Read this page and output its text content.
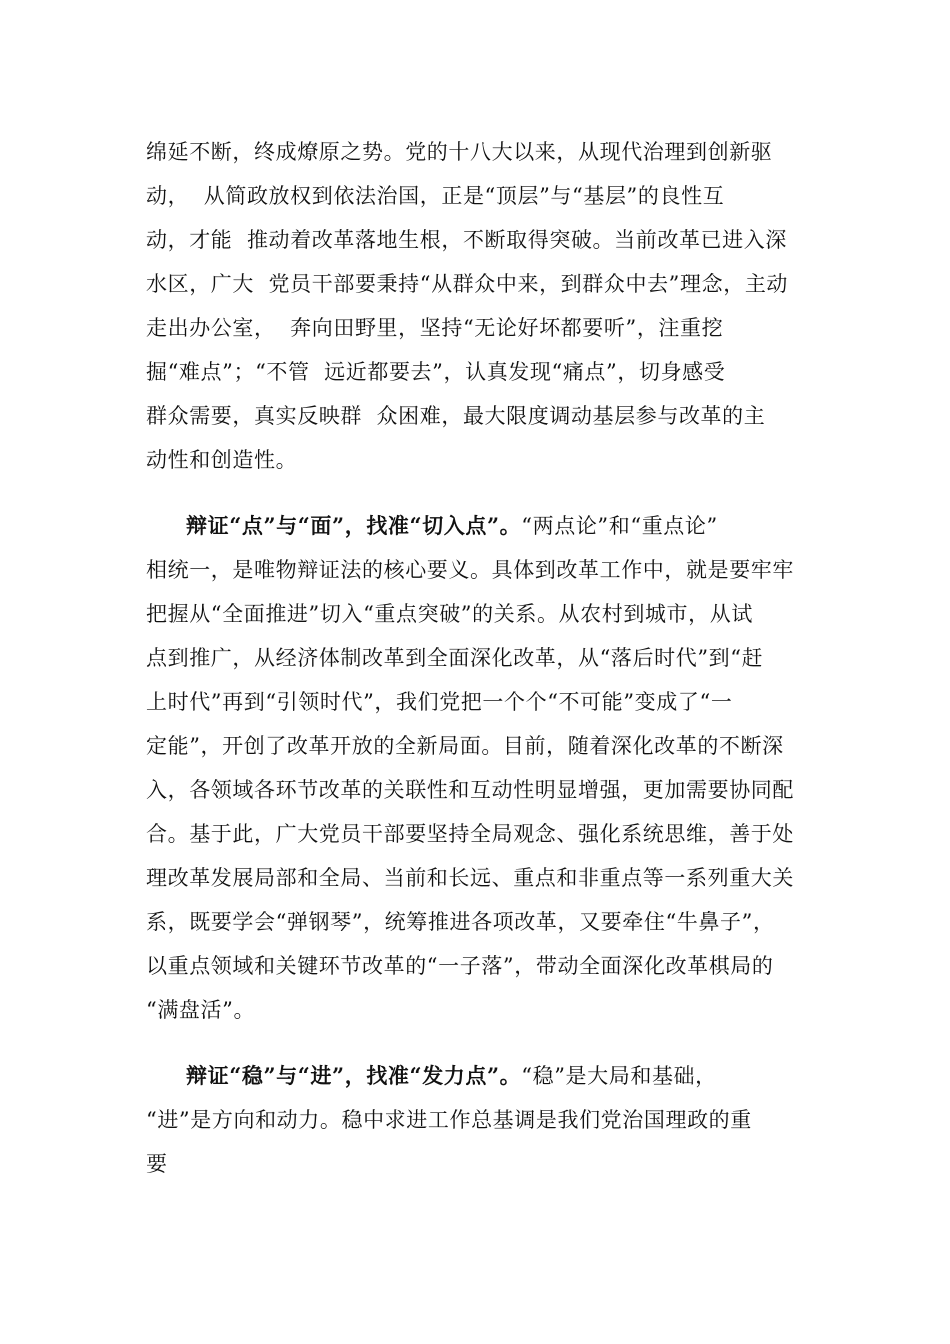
绵延不断，终成燎原之势。党的十八大以来，从现代治理到创新驱
动，  从简政放权到依法治国，正是“顶层”与“基层”的良性互
动，才能  推动着改革落地生根，不断取得突破。当前改革已进入深
水区，广大  党员干部要秉持“从群众中来，到群众中去”理念，主动
走出办公室，  奔向田野里，坚持“无论好坏都要听”，注重挖
掘“难点”；“不管  远近都要去”，认真发现“痛点”，切身感受
群众需要，真实反映群  众困难，最大限度调动基层参与改革的主
动性和创造性。
辩证“点”与“面”，找准“切入点”。“两点论”和“重点论”
相统一，是唯物辩证法的核心要义。具体到改革工作中，就是要牢牢
把握从“全面推进”切入“重点突破”的关系。从农村到城市，从试
点到推广，从经济体制改革到全面深化改革，从“落后时代”到“赶
上时代”再到“引领时代”，我们党把一个个“不可能”变成了“一
定能”，开创了改革开放的全新局面。目前，随着深化改革的不断深
入，各领域各环节改革的关联性和互动性明显增强，更加需要协同配
合。基于此，广大党员干部要坚持全局观念、强化系统思维，善于处
理改革发展局部和全局、当前和长远、重点和非重点等一系列重大关
系，既要学会“弹钢琴”，统筹推进各项改革，又要牵住“牛鼻子”，
以重点领域和关键环节改革的“一子落”，带动全面深化改革棋局的
“满盘活”。
辩证“稳”与“进”，找准“发力点”。“稳”是大局和基础，
“进”是方向和动力。稳中求进工作总基调是我们党治国理政的重
要
